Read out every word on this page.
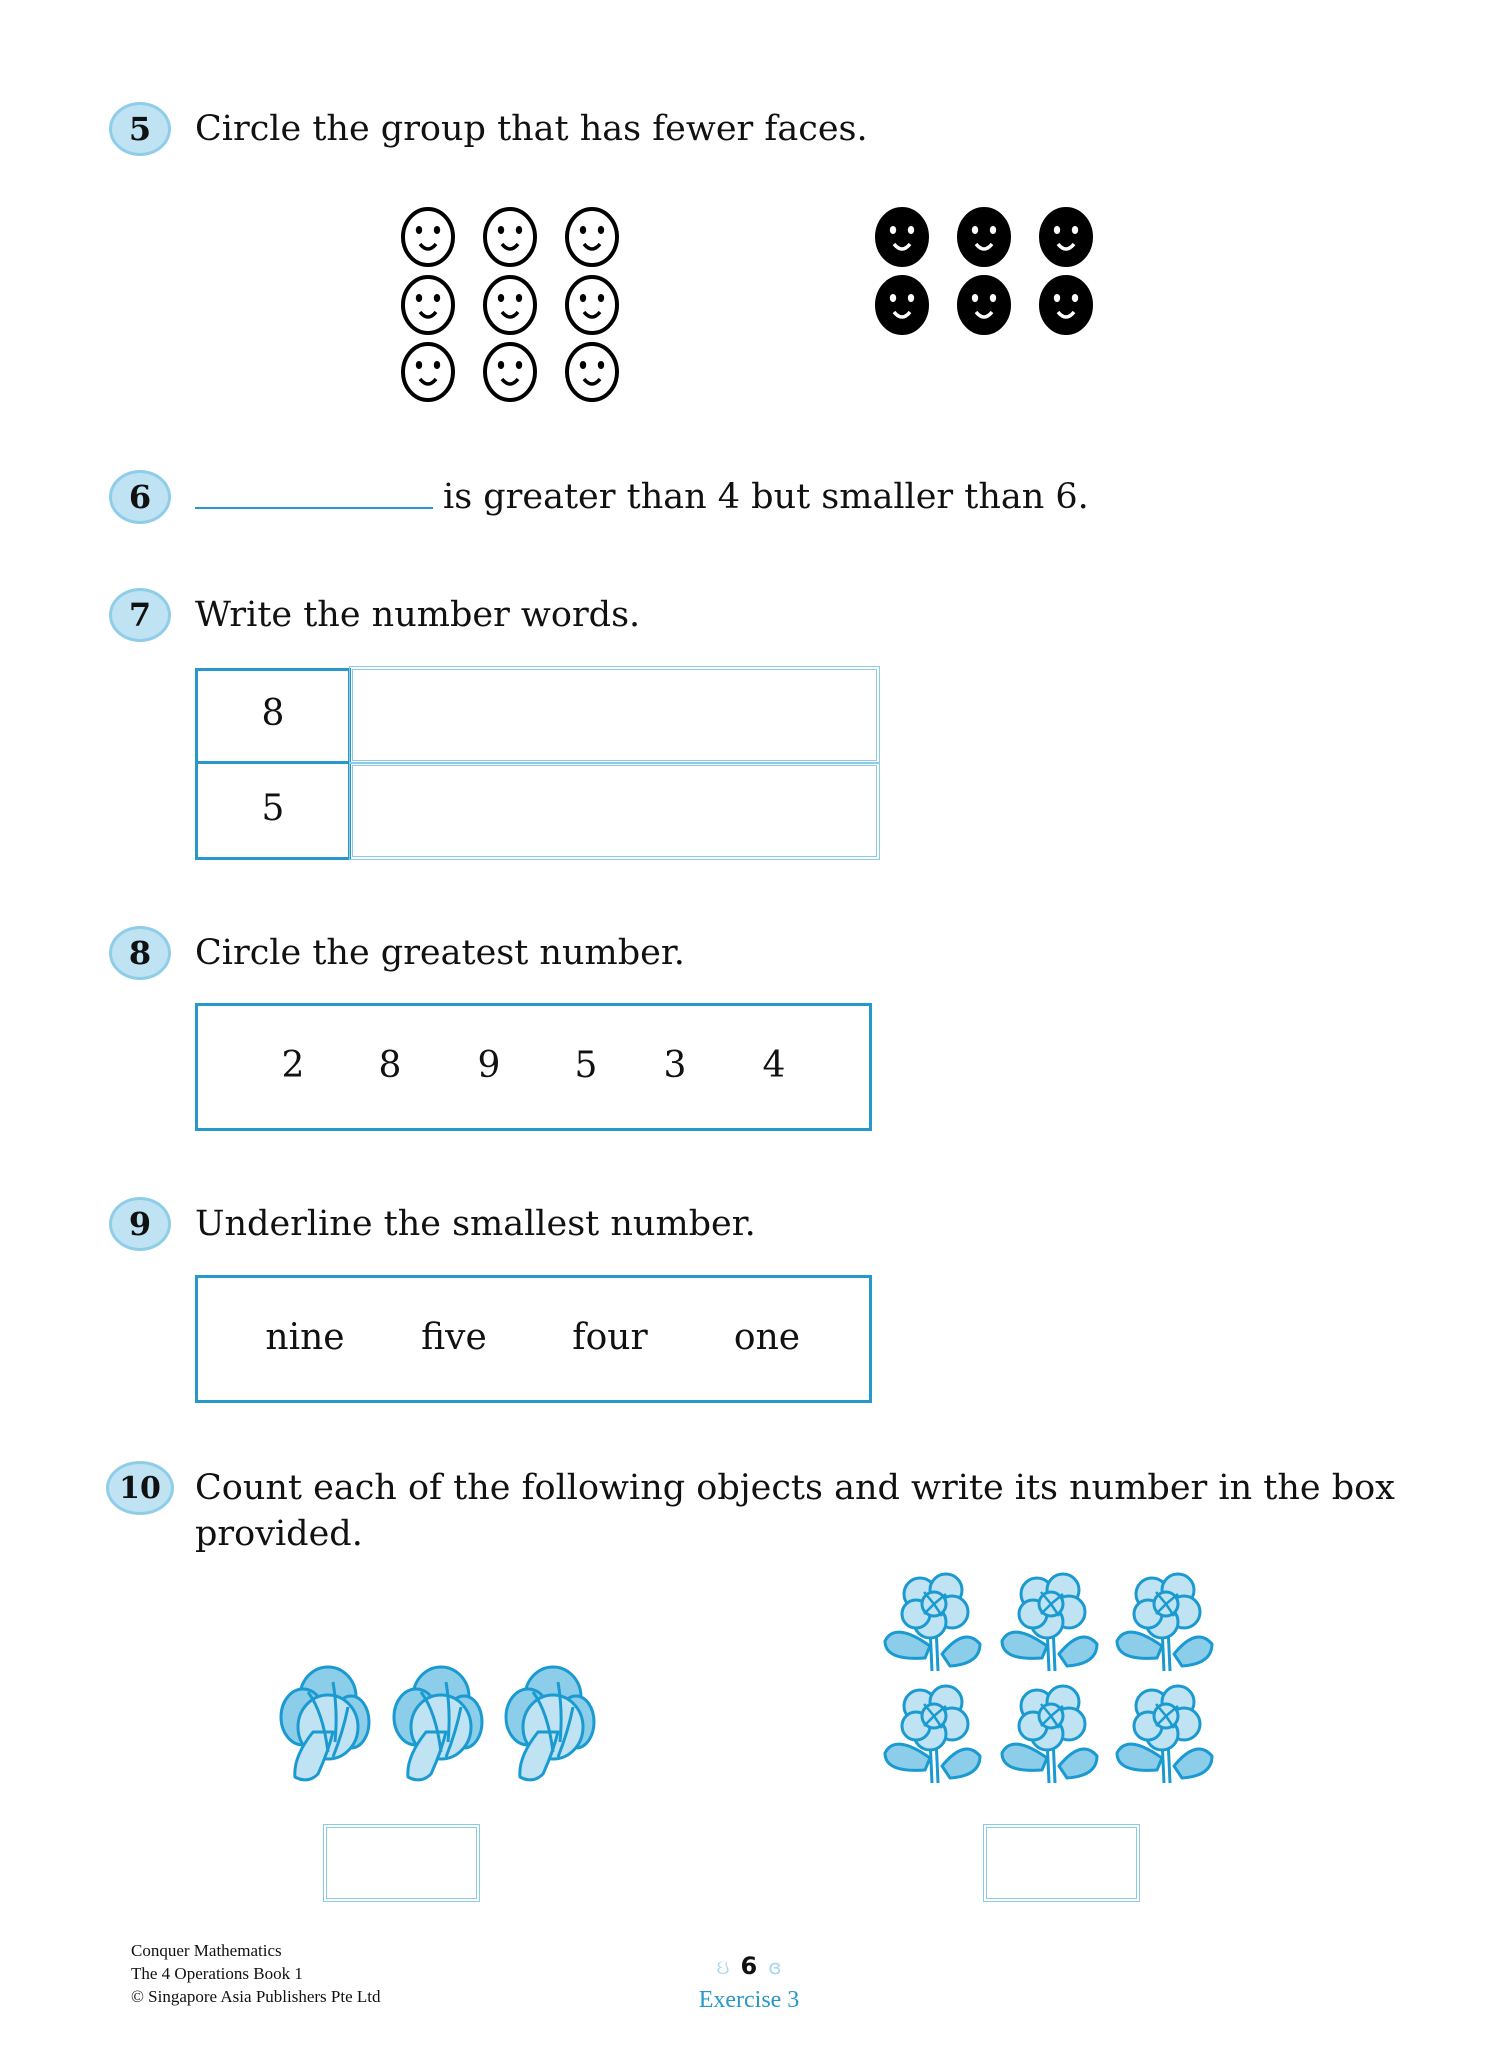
5	Circle the group that has fewer faces.
6	is greater than 4 but smaller than 6.
7	Write the number words.
8
5
8	Circle the greatest number.
2 8 9 5 3 4
9	Underline the smallest number.
nine five four one
10 Count each of the following objects and write its number in the box
provided.
Conquer Mathematics
The 4 Operations Book 1
© Singapore Asia Publishers Pte Ltd
ઇ 6 ɞ
Exercise 3
